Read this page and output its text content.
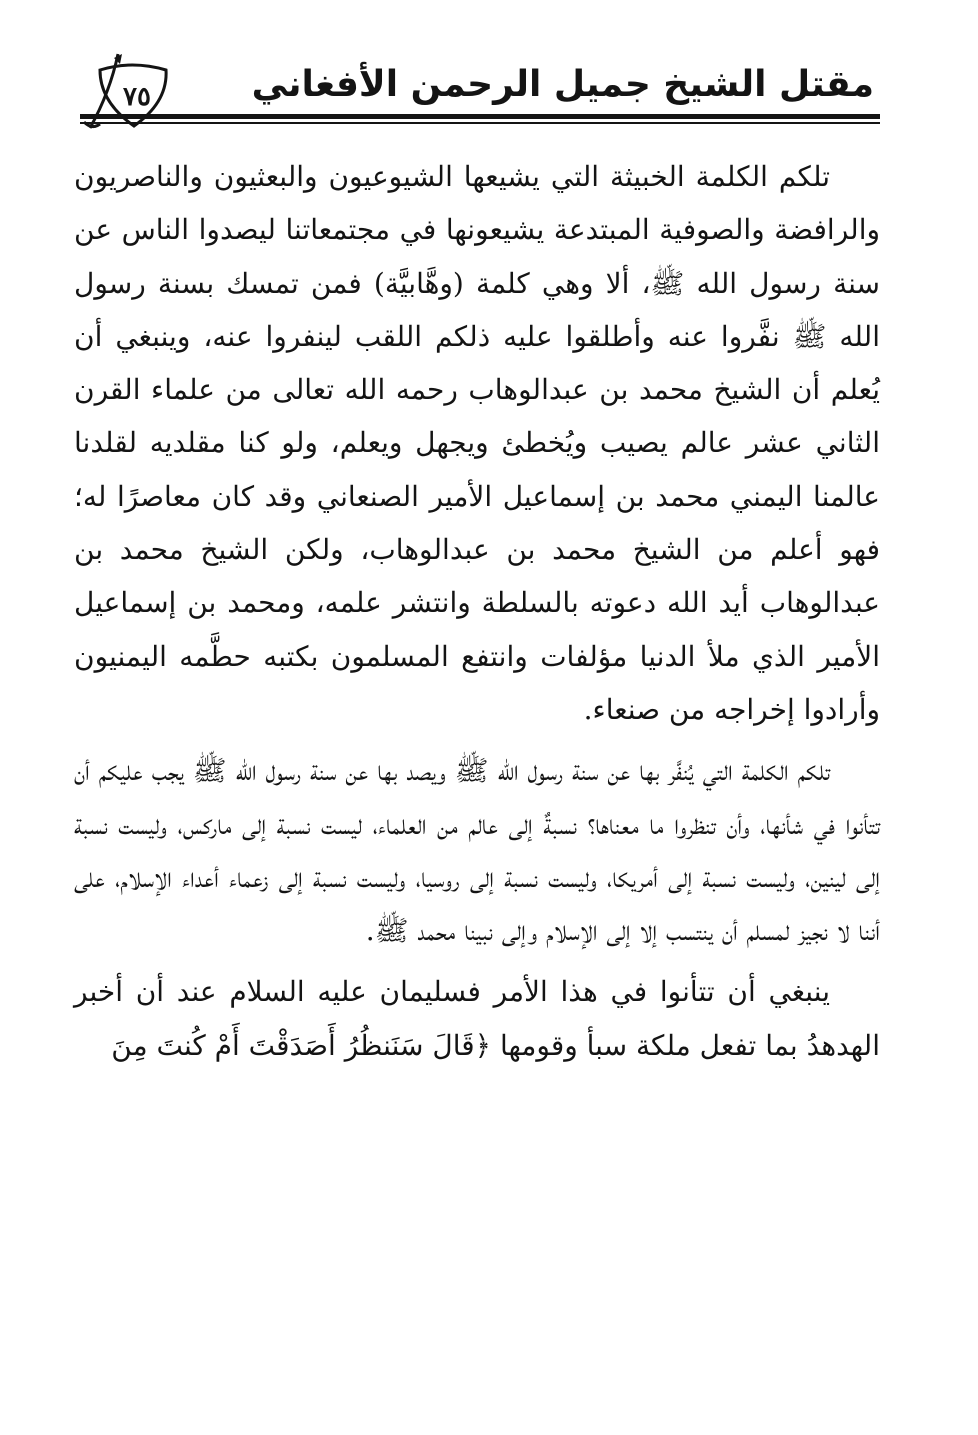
مقتل الشيخ جميل الرحمن الأفغاني
٧٥

تلكم الكلمة الخبيثة التي يشيعها الشيوعيون والبعثيون والناصريون والرافضة والصوفية المبتدعة يشيعونها في مجتمعاتنا ليصدوا الناس عن سنة رسول الله ﷺ، ألا وهي كلمة (وهَّابيَّة) فمن تمسك بسنة رسول الله ﷺ نفَّروا عنه وأطلقوا عليه ذلكم اللقب لينفروا عنه، وينبغي أن يُعلم أن الشيخ محمد بن عبدالوهاب رحمه الله تعالى من علماء القرن الثاني عشر عالم يصيب ويُخطئ ويجهل ويعلم، ولو كنا مقلديه لقلدنا عالمنا اليمني محمد بن إسماعيل الأمير الصنعاني وقد كان معاصرًا له؛ فهو أعلم من الشيخ محمد بن عبدالوهاب، ولكن الشيخ محمد بن عبدالوهاب أيد الله دعوته بالسلطة وانتشر علمه، ومحمد بن إسماعيل الأمير الذي ملأ الدنيا مؤلفات وانتفع المسلمون بكتبه حطَّمه اليمنيون وأرادوا إخراجه من صنعاء.

تلكم الكلمة التي يُنفَّر بها عن سنة رسول الله ﷺ ويصد بها عن سنة رسول الله ﷺ يجب عليكم أن تتأنوا في شأنها، وأن تنظروا ما معناها؟ نسبةٌ إلى عالم من العلماء، ليست نسبة إلى ماركس، وليست نسبة إلى لينين، وليست نسبة إلى أمريكا، وليست نسبة إلى روسيا، وليست نسبة إلى زعماء أعداء الإسلام، على أننا لا نجيز لمسلم أن ينتسب إلا إلى الإسلام وإلى نبينا محمد ﷺ.

ينبغي أن تتأنوا في هذا الأمر فسليمان عليه السلام عند أن أخبر الهدهدُ بما تفعل ملكة سبأ وقومها ﴿قَالَ سَنَنظُرُ أَصَدَقْتَ أَمْ كُنتَ مِنَ
